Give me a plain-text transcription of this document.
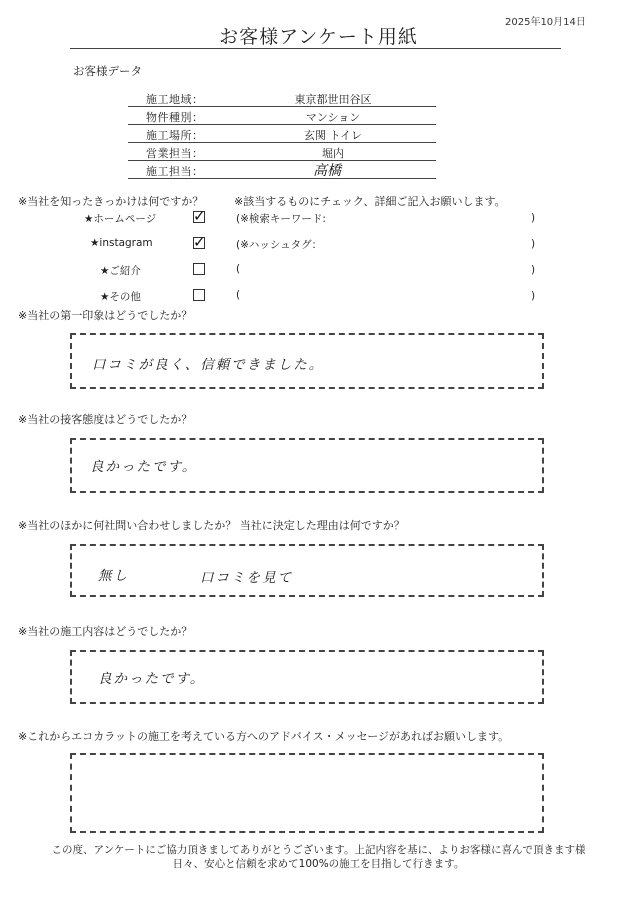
2025年10月14日
お客様アンケート用紙
お客様データ
施工地域：	東京都世田谷区
物件種別：	マンション
施工場所：	玄関 トイレ
営業担当：	堀内
施工担当：	高橋
※当社を知ったきっかけは何ですか？	※該当するものにチェック、詳細ご記入お願いします。
★ホームページ ✓	(※検索キーワード:	)
★instagram	✓	(※ハッシュタグ：	)
★ご紹介	(	)
★その他	(	)
※当社の第一印象はどうでしたか？
口コミが良く、信頼できました。
※当社の接客態度はどうでしたか？
良かったです。
※当社のほかに何社問い合わせしましたか？ 当社に決定した理由は何ですか？
無し	口コミを見て
※当社の施工内容はどうでしたか？
良かったです。
※これからエコカラットの施工を考えている方へのアドバイス・メッセージがあればお願いします。
この度、アンケートにご協力頂きましてありがとうございます。上記内容を基に、よりお客様に喜んで頂きます様
日々、安心と信頼を求めて100%の施工を目指して行きます。
